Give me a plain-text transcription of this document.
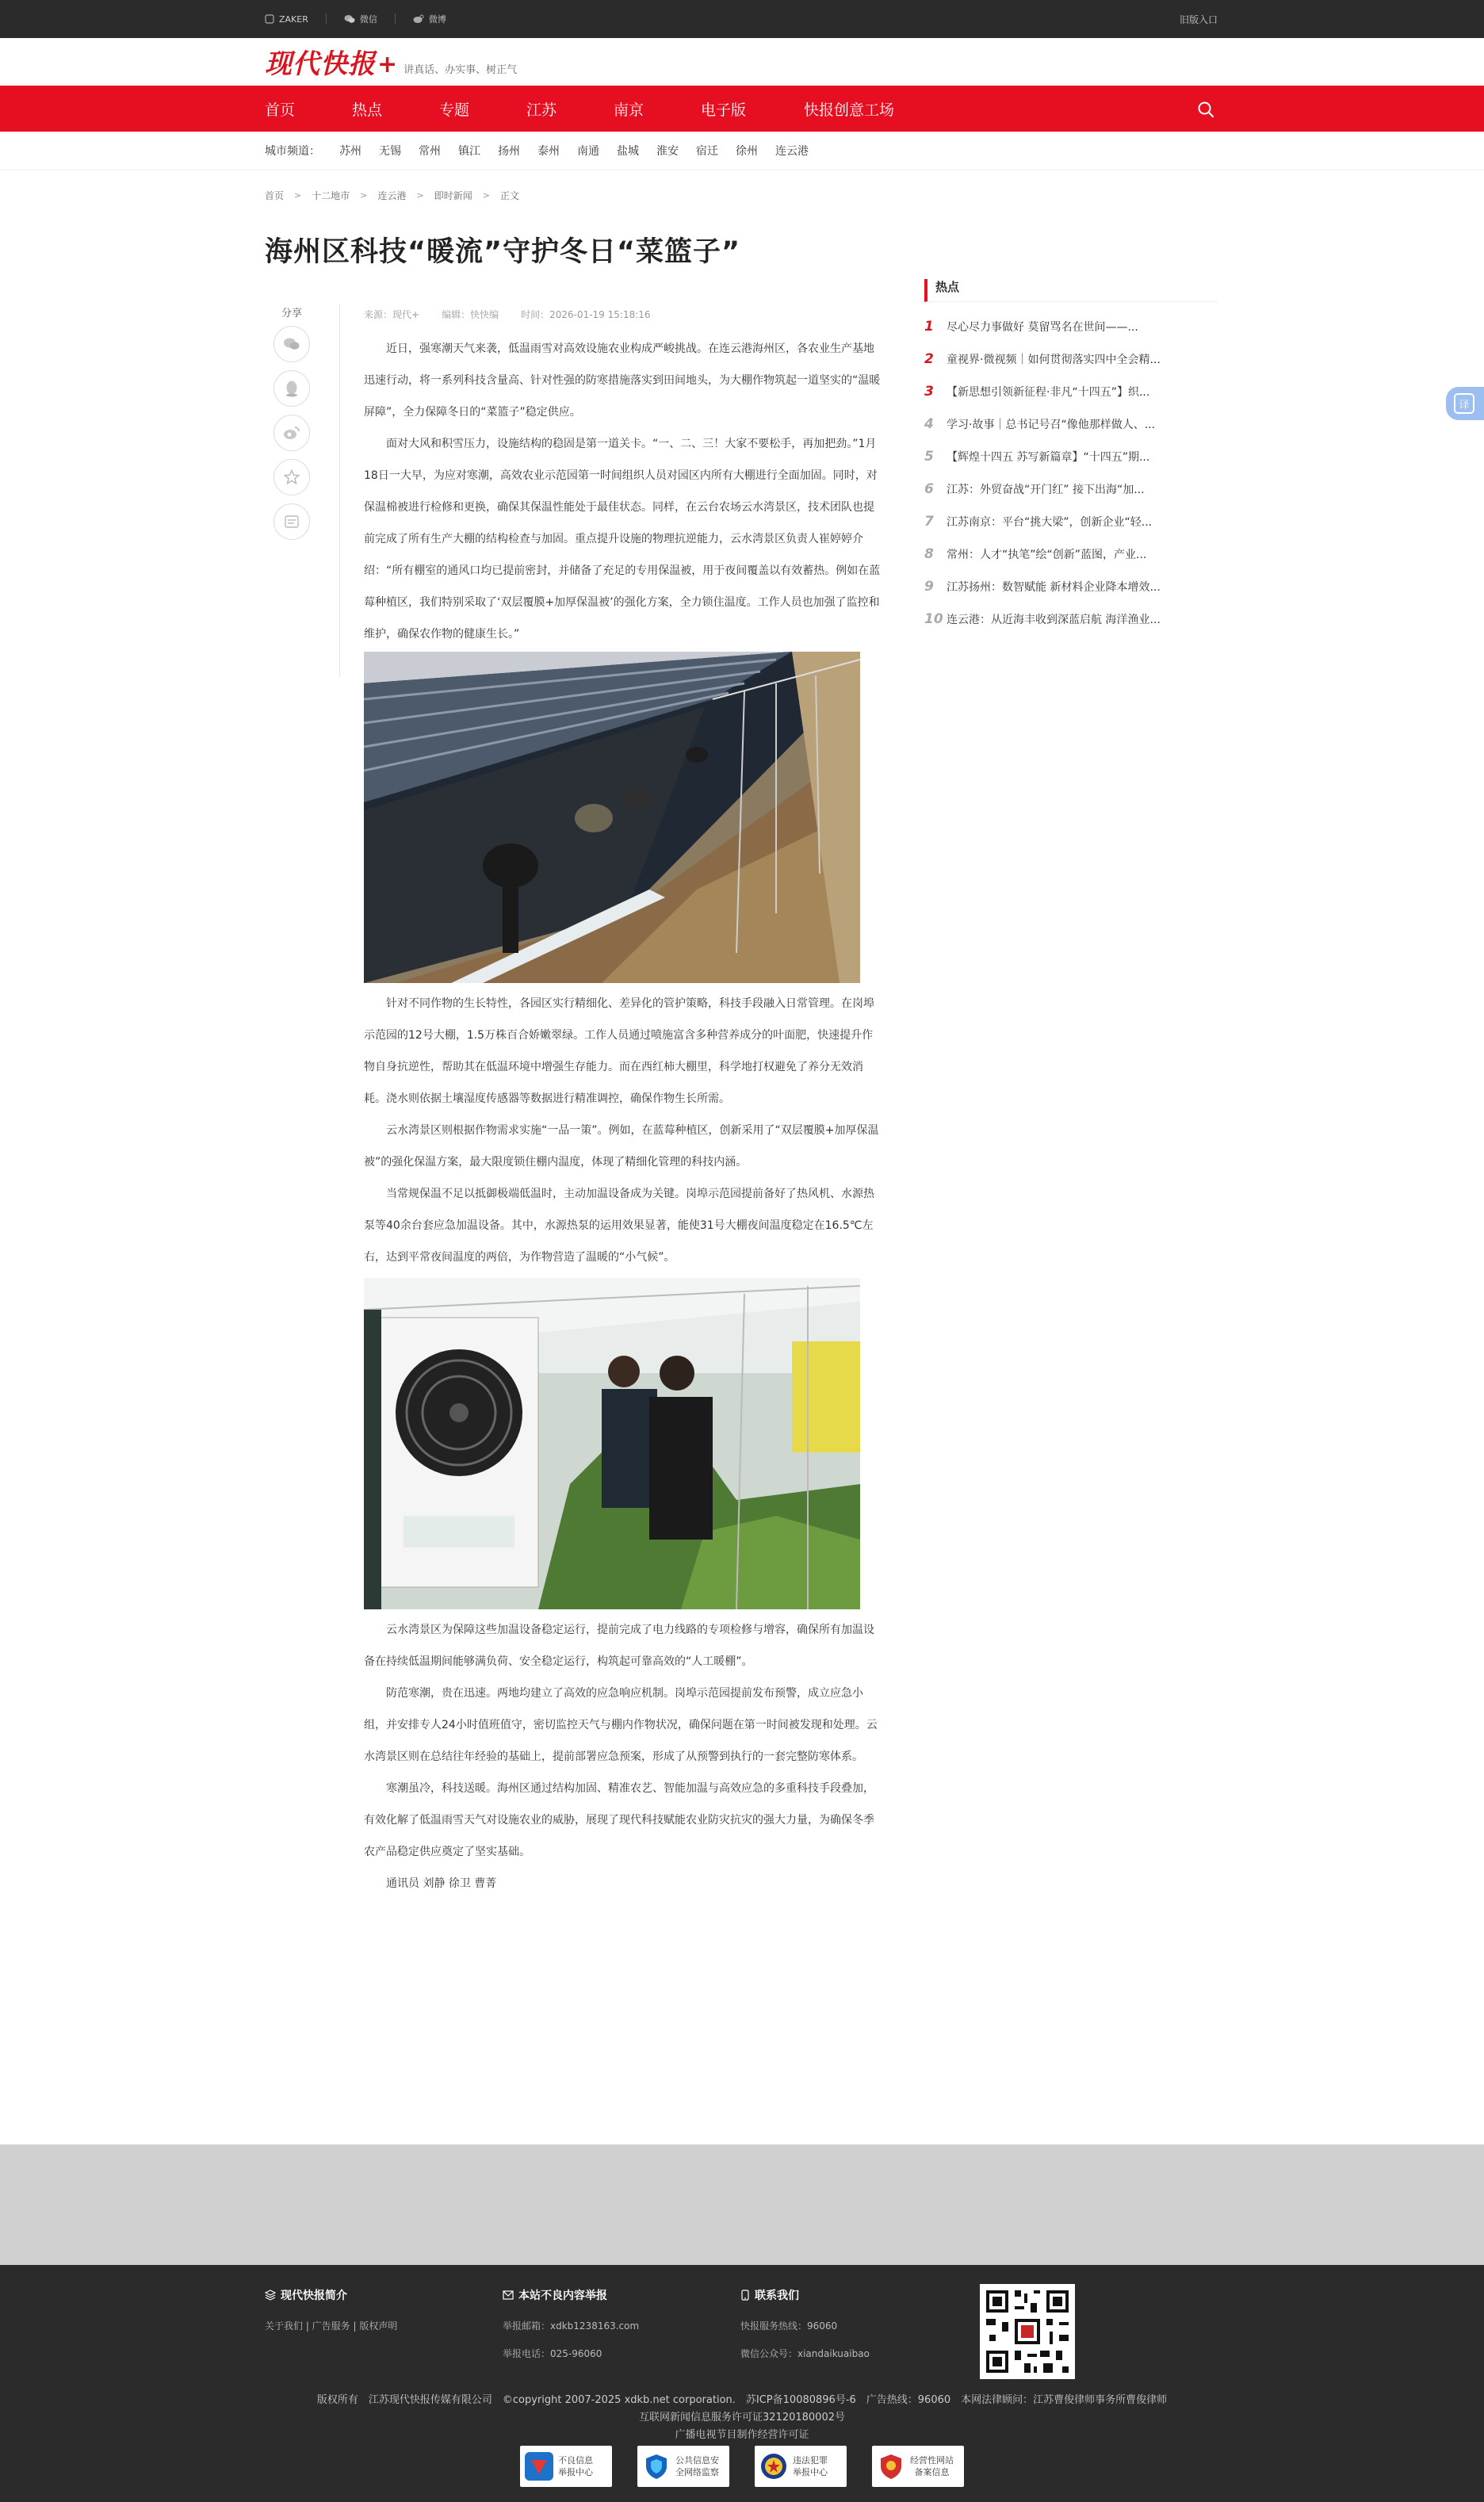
ZAKER	微信	微博	旧版入口
现代快报 + 讲真话、办实事、树正气
首页	热点	专题	江苏	南京	电子版	快报创意工场
城市频道： 苏州 无锡 常州 镇江 扬州 泰州 南通 盐城 淮安 宿迁 徐州 连云港
首页 > 十二地市 > 连云港 > 即时新闻 > 正文
海州区科技“暖流”守护冬日“菜篮子”
分享	来源：现代+ 编辑：快快编 时间：2026-01-19 15:18:16

近日，强寒潮天气来袭，低温雨雪对高效设施农业构成严峻挑战。在连云港海州区，各农业生产基地迅速行动，将一系列科技含量高、针对性强的防寒措施落实到田间地头，为大棚作物筑起一道坚实的“温暖屏障”，全力保障冬日的“菜篮子”稳定供应。

面对大风和积雪压力，设施结构的稳固是第一道关卡。“一、二、三！大家不要松手，再加把劲。”1月18日一大早，为应对寒潮，高效农业示范园第一时间组织人员对园区内所有大棚进行全面加固。同时，对保温棉被进行检修和更换，确保其保温性能处于最佳状态。同样，在云台农场云水湾景区，技术团队也提前完成了所有生产大棚的结构检查与加固。重点提升设施的物理抗逆能力，云水湾景区负责人崔婷婷介绍：“所有棚室的通风口均已提前密封，并储备了充足的专用保温被，用于夜间覆盖以有效蓄热。例如在蓝莓种植区，我们特别采取了‘双层覆膜+加厚保温被’的强化方案，全力锁住温度。工作人员也加强了监控和维护，确保农作物的健康生长。”

针对不同作物的生长特性，各园区实行精细化、差异化的管护策略，科技手段融入日常管理。在岗埠示范园的12号大棚，1.5万株百合娇嫩翠绿。工作人员通过喷施富含多种营养成分的叶面肥，快速提升作物自身抗逆性，帮助其在低温环境中增强生存能力。而在西红柿大棚里，科学地打权避免了养分无效消耗。浇水则依据土壤湿度传感器等数据进行精准调控，确保作物生长所需。

云水湾景区则根据作物需求实施“一品一策”。例如，在蓝莓种植区，创新采用了“双层覆膜+加厚保温被”的强化保温方案，最大限度锁住棚内温度，体现了精细化管理的科技内涵。

当常规保温不足以抵御极端低温时，主动加温设备成为关键。岗埠示范园提前备好了热风机、水源热泵等40余台套应急加温设备。其中，水源热泵的运用效果显著，能使31号大棚夜间温度稳定在16.5℃左右，达到平常夜间温度的两倍，为作物营造了温暖的“小气候”。

云水湾景区为保障这些加温设备稳定运行，提前完成了电力线路的专项检修与增容，确保所有加温设备在持续低温期间能够满负荷、安全稳定运行，构筑起可靠高效的“人工暖棚”。

防范寒潮，贵在迅速。两地均建立了高效的应急响应机制。岗埠示范园提前发布预警，成立应急小组，并安排专人24小时值班值守，密切监控天气与棚内作物状况，确保问题在第一时间被发现和处理。云水湾景区则在总结往年经验的基础上，提前部署应急预案，形成了从预警到执行的一套完整防寒体系。

寒潮虽冷，科技送暖。海州区通过结构加固、精准农艺、智能加温与高效应急的多重科技手段叠加，有效化解了低温雨雪天气对设施农业的威胁，展现了现代科技赋能农业防灾抗灾的强大力量，为确保冬季农产品稳定供应奠定了坚实基础。

通讯员 刘静 徐卫 曹菁

热点
1	尽心尽力事做好 莫留骂名在世间——...
2	童视界·微视频｜如何贯彻落实四中全会精...
3	【新思想引领新征程·非凡“十四五”】织...
4	学习·故事｜总书记号召“像他那样做人、...
5	【辉煌十四五 苏写新篇章】“十四五”期...
6	江苏：外贸奋战“开门红” 接下出海“加...
7	江苏南京：平台“挑大梁”，创新企业“轻...
8	常州：人才“执笔”绘“创新”蓝图，产业...
9	江苏扬州：数智赋能 新材料企业降本增效...
10 连云港：从近海丰收到深蓝启航 海洋渔业...
译
现代快报简介
关于我们 | 广告服务 | 版权声明
本站不良内容举报
举报邮箱：xdkb1238163.com
举报电话：025-96060
联系我们
快报服务热线：96060
微信公众号：xiandaikuaibao
版权所有　江苏现代快报传媒有限公司　©copyright 2007-2025 xdkb.net corporation.　苏ICP备10080896号-6　广告热线：96060　本网法律顾问：江苏曹俊律师事务所曹俊律师
互联网新闻信息服务许可证32120180002号
广播电视节目制作经营许可证
不良信息
举报中心
公共信息安
全网络监察
违法犯罪
举报中心
经营性网站
备案信息
